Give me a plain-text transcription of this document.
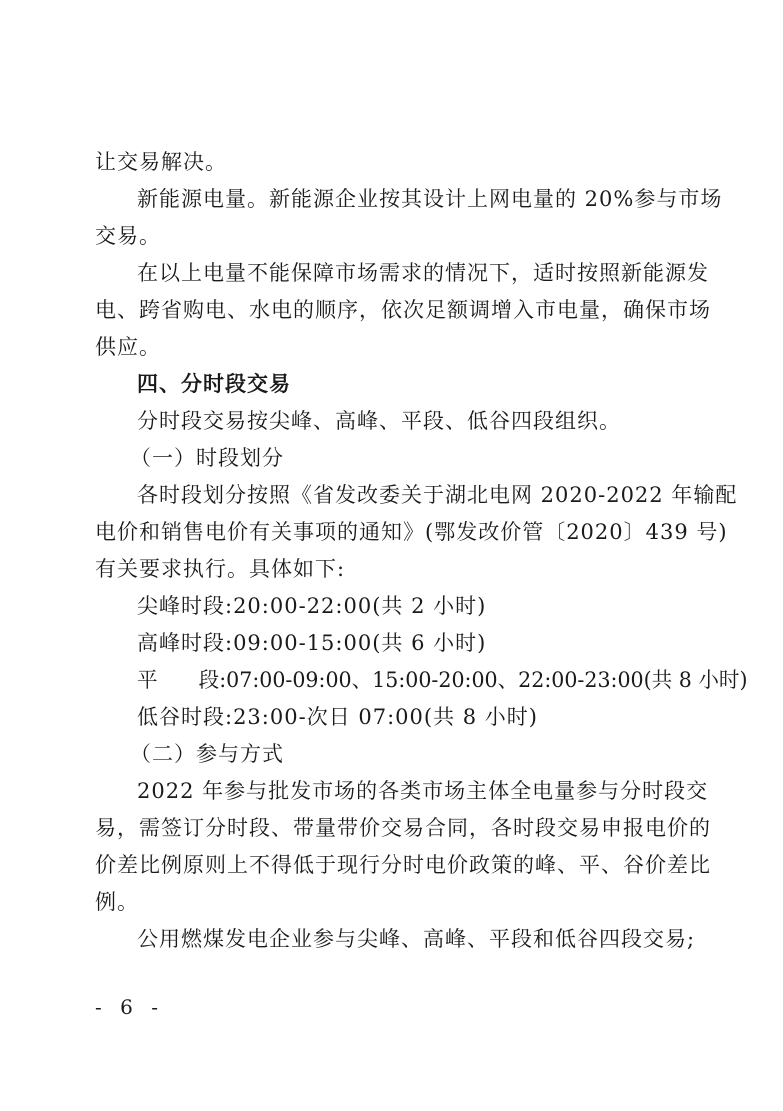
让交易解决。
新能源电量。新能源企业按其设计上网电量的 20%参与市场
交易。
在以上电量不能保障市场需求的情况下，适时按照新能源发
电、跨省购电、水电的顺序，依次足额调增入市电量，确保市场
供应。
四、分时段交易
分时段交易按尖峰、高峰、平段、低谷四段组织。
（一）时段划分
各时段划分按照《省发改委关于湖北电网 2020-2022 年输配
电价和销售电价有关事项的通知》(鄂发改价管〔2020〕439 号)
有关要求执行。具体如下:
尖峰时段:20:00-22:00(共 2 小时)
高峰时段:09:00-15:00(共 6 小时)
平　　段:07:00-09:00、15:00-20:00、22:00-23:00(共 8 小时)
低谷时段:23:00-次日 07:00(共 8 小时)
（二）参与方式
2022 年参与批发市场的各类市场主体全电量参与分时段交
易，需签订分时段、带量带价交易合同，各时段交易申报电价的
价差比例原则上不得低于现行分时电价政策的峰、平、谷价差比
例。
公用燃煤发电企业参与尖峰、高峰、平段和低谷四段交易;
- 6 -
